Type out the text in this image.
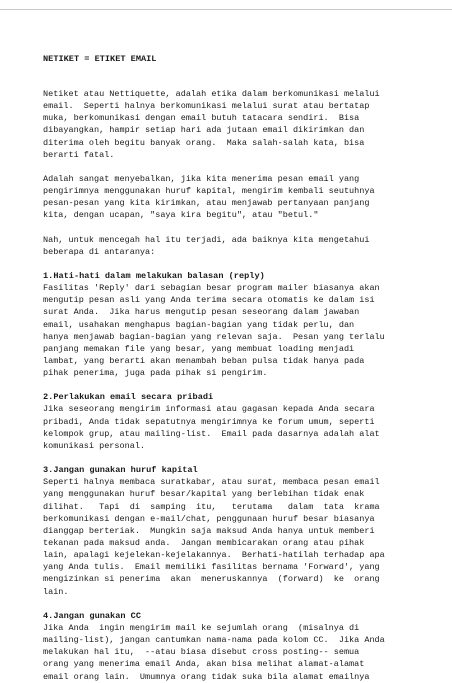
NETIKET = ETIKET EMAIL
Netiket atau Nettiquette, adalah etika dalam berkomunikasi melalui
email.  Seperti halnya berkomunikasi melalui surat atau bertatap
muka, berkomunikasi dengan email butuh tatacara sendiri.  Bisa
dibayangkan, hampir setiap hari ada jutaan email dikirimkan dan
diterima oleh begitu banyak orang.  Maka salah-salah kata, bisa
berarti fatal.
Adalah sangat menyebalkan, jika kita menerima pesan email yang
pengirimnya menggunakan huruf kapital, mengirim kembali seutuhnya
pesan-pesan yang kita kirimkan, atau menjawab pertanyaan panjang
kita, dengan ucapan, "saya kira begitu", atau "betul."
Nah, untuk mencegah hal itu terjadi, ada baiknya kita mengetahui
beberapa di antaranya:
1.Hati-hati dalam melakukan balasan (reply)
Fasilitas 'Reply' dari sebagian besar program mailer biasanya akan
mengutip pesan asli yang Anda terima secara otomatis ke dalam isi
surat Anda.  Jika harus mengutip pesan seseorang dalam jawaban
email, usahakan menghapus bagian-bagian yang tidak perlu, dan
hanya menjawab bagian-bagian yang relevan saja.  Pesan yang terlalu
panjang memakan file yang besar, yang membuat loading menjadi
lambat, yang berarti akan menambah beban pulsa tidak hanya pada
pihak penerima, juga pada pihak si pengirim.
2.Perlakukan email secara pribadi
Jika seseorang mengirim informasi atau gagasan kepada Anda secara
pribadi, Anda tidak sepatutnya mengirimnya ke forum umum, seperti
kelompok grup, atau mailing-list.  Email pada dasarnya adalah alat
komunikasi personal.
3.Jangan gunakan huruf kapital
Seperti halnya membaca suratkabar, atau surat, membaca pesan email
yang menggunakan huruf besar/kapital yang berlebihan tidak enak
dilihat.   Tapi  di  samping  itu,   terutama   dalam  tata  krama
berkomunikasi dengan e-mail/chat, penggunaan huruf besar biasanya
dianggap berteriak.  Mungkin saja maksud Anda hanya untuk memberi
tekanan pada maksud anda.  Jangan membicarakan orang atau pihak
lain, apalagi kejelekan-kejelakannya.  Berhati-hatilah terhadap apa
yang Anda tulis.  Email memiliki fasilitas bernama 'Forward', yang
mengizinkan si penerima  akan  meneruskannya  (forward)  ke  orang
lain.
4.Jangan gunakan CC
Jika Anda  ingin mengirim mail ke sejumlah orang  (misalnya di
mailing-list), jangan cantumkan nama-nama pada kolom CC.  Jika Anda
melakukan hal itu,  --atau biasa disebut cross posting-- semua
orang yang menerima email Anda, akan bisa melihat alamat-alamat
email orang lain.  Umumnya orang tidak suka bila alamat emailnya
